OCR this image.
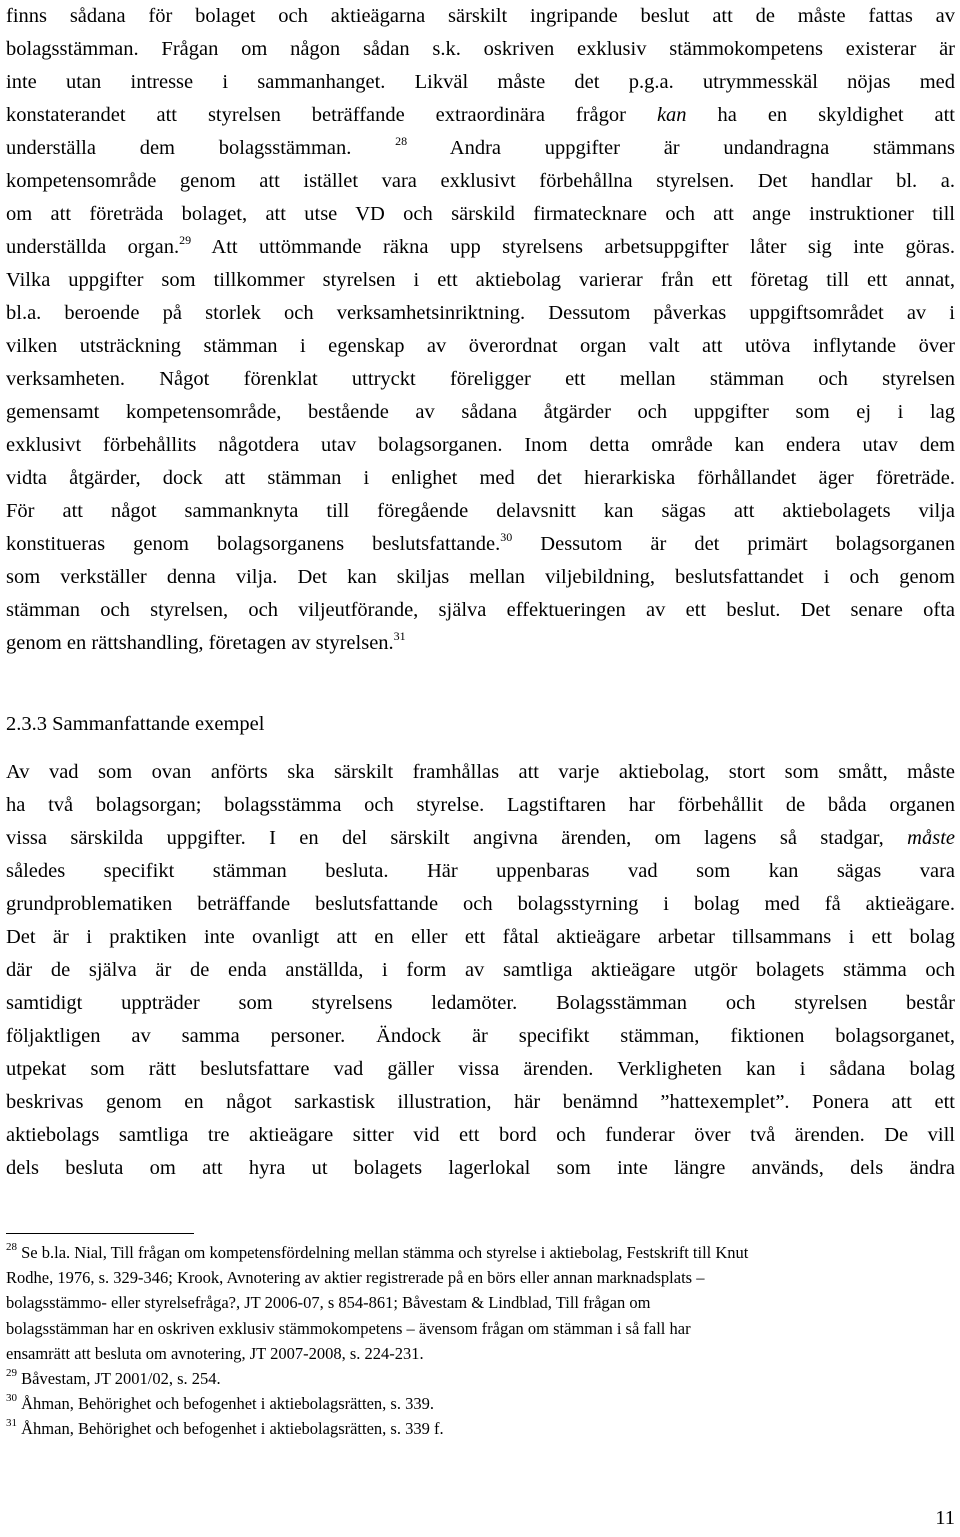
finns sådana för bolaget och aktieägarna särskilt ingripande beslut att de måste fattas av
bolagsstämman. Frågan om någon sådan s.k. oskriven exklusiv stämmokompetens existerar är
inte utan intresse i sammanhanget. Likväl måste det p.g.a. utrymmesskäl nöjas med
konstaterandet att styrelsen beträffande extraordinära frågor kan ha en skyldighet att
underställa dem bolagsstämman. $^{28}$ Andra uppgifter är undandragna stämmans
kompetensområde genom att istället vara exklusivt förbehållna styrelsen. Det handlar bl. a.
om att företräda bolaget, att utse VD och särskild firmatecknare och att ange instruktioner till
underställda organ.$^{29}$ Att uttömmande räkna upp styrelsens arbetsuppgifter låter sig inte göras.
Vilka uppgifter som tillkommer styrelsen i ett aktiebolag varierar från ett företag till ett annat,
bl.a. beroende på storlek och verksamhetsinriktning. Dessutom påverkas uppgiftsområdet av i
vilken utsträckning stämman i egenskap av överordnat organ valt att utöva inflytande över
verksamheten. Något förenklat uttryckt föreligger ett mellan stämman och styrelsen
gemensamt kompetensområde, bestående av sådana åtgärder och uppgifter som ej i lag
exklusivt förbehållits någotdera utav bolagsorganen. Inom detta område kan endera utav dem
vidta åtgärder, dock att stämman i enlighet med det hierarkiska förhållandet äger företräde.
För att något sammanknyta till föregående delavsnitt kan sägas att aktiebolagets vilja
konstitueras genom bolagsorganens beslutsfattande.$^{30}$ Dessutom är det primärt bolagsorganen
som verkställer denna vilja. Det kan skiljas mellan viljebildning, beslutsfattandet i och genom
stämman och styrelsen, och viljeutförande, själva effektueringen av ett beslut. Det senare ofta
genom en rättshandling, företagen av styrelsen.$^{31}$
2.3.3 Sammanfattande exempel
Av vad som ovan anförts ska särskilt framhållas att varje aktiebolag, stort som smått, måste
ha två bolagsorgan; bolagsstämma och styrelse. Lagstiftaren har förbehållit de båda organen
vissa särskilda uppgifter. I en del särskilt angivna ärenden, om lagens så stadgar, måste
således specifikt stämman besluta. Här uppenbaras vad som kan sägas vara
grundproblematiken beträffande beslutsfattande och bolagsstyrning i bolag med få aktieägare.
Det är i praktiken inte ovanligt att en eller ett fåtal aktieägare arbetar tillsammans i ett bolag
där de själva är de enda anställda, i form av samtliga aktieägare utgör bolagets stämma och
samtidigt uppträder som styrelsens ledamöter. Bolagsstämman och styrelsen består
följaktligen av samma personer. Ändock är specifikt stämman, fiktionen bolagsorganet,
utpekat som rätt beslutsfattare vad gäller vissa ärenden. Verkligheten kan i sådana bolag
beskrivas genom en något sarkastisk illustration, här benämnd ”hattexemplet”. Ponera att ett
aktiebolags samtliga tre aktieägare sitter vid ett bord och funderar över två ärenden. De vill
dels besluta om att hyra ut bolagets lagerlokal som inte längre används, dels ändra
$^{28}$ Se b.la. Nial, Till frågan om kompetensfördelning mellan stämma och styrelse i aktiebolag, Festskrift till Knut
Rodhe, 1976, s. 329-346; Krook, Avnotering av aktier registrerade på en börs eller annan marknadsplats –
bolagsstämmo- eller styrelsefråga?, JT 2006-07, s 854-861; Båvestam & Lindblad, Till frågan om
bolagsstämman har en oskriven exklusiv stämmokompetens – ävensom frågan om stämman i så fall har
ensamrätt att besluta om avnotering, JT 2007-2008, s. 224-231.
$^{29}$ Båvestam, JT 2001/02, s. 254.
$^{30}$ Åhman, Behörighet och befogenhet i aktiebolagsrätten, s. 339.
$^{31}$ Åhman, Behörighet och befogenhet i aktiebolagsrätten, s. 339 f.
11
